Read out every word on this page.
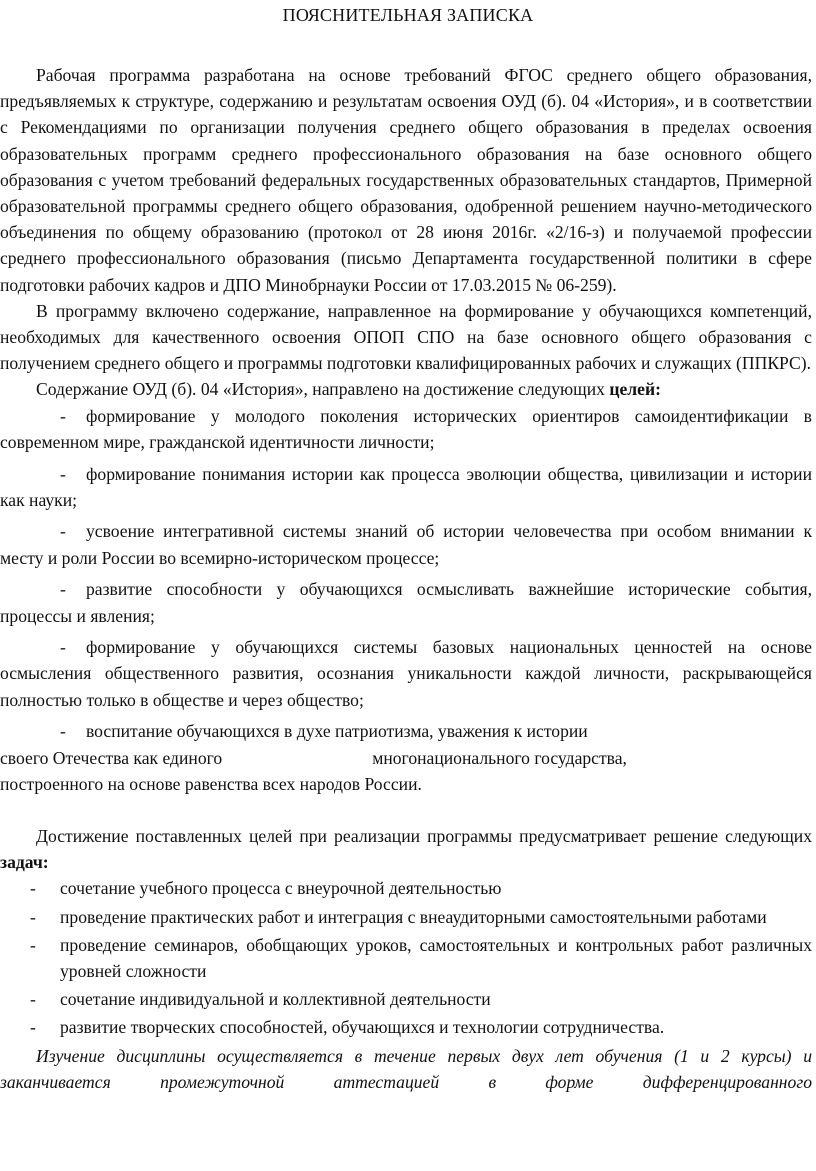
ПОЯСНИТЕЛЬНАЯ ЗАПИСКА

Рабочая программа разработана на основе требований ФГОС среднего общего образования, предъявляемых к структуре, содержанию и результатам освоения ОУД (б). 04 «История», и в соответствии с Рекомендациями по организации получения среднего общего образования в пределах освоения образовательных программ среднего профессионального образования на базе основного общего образования с учетом требований федеральных государственных образовательных стандартов, Примерной образовательной программы среднего общего образования, одобренной решением научно-методического объединения по общему образованию (протокол от 28 июня 2016г. «2/16-з) и получаемой профессии среднего профессионального образования (письмо Департамента государственной политики в сфере подготовки рабочих кадров и ДПО Минобрнауки России от 17.03.2015 № 06-259).

В программу включено содержание, направленное на формирование у обучающихся компетенций, необходимых для качественного освоения ОПОП СПО на базе основного общего образования с получением среднего общего и программы подготовки квалифицированных рабочих и служащих (ППКРС).

Содержание ОУД (б). 04 «История», направлено на достижение следующих целей:

- формирование у молодого поколения исторических ориентиров самоидентификации в современном мире, гражданской идентичности личности;

- формирование понимания истории как процесса эволюции общества, цивилизации и истории как науки;

- усвоение интегративной системы знаний об истории человечества при особом внимании к месту и роли России во всемирно-историческом процессе;

- развитие способности у обучающихся осмысливать важнейшие исторические события, процессы и явления;

- формирование у обучающихся системы базовых национальных ценностей на основе осмысления общественного развития, осознания уникальности каждой личности, раскрывающейся полностью только в обществе и через общество;

- воспитание обучающихся в духе патриотизма, уважения к истории
своего Отечества как единого	многонационального государства,
построенного на основе равенства всех народов России.

Достижение поставленных целей при реализации программы предусматривает решение следующих задач:

- сочетание учебного процесса с внеурочной деятельностью
- проведение практических работ и интеграция с внеаудиторными самостоятельными работами
- проведение семинаров, обобщающих уроков, самостоятельных и контрольных работ различных уровней сложности
- сочетание индивидуальной и коллективной деятельности
- развитие творческих способностей, обучающихся и технологии сотрудничества.

Изучение дисциплины осуществляется в течение первых двух лет обучения (1 и 2 курсы) и заканчивается промежуточной аттестацией в форме дифференцированного
